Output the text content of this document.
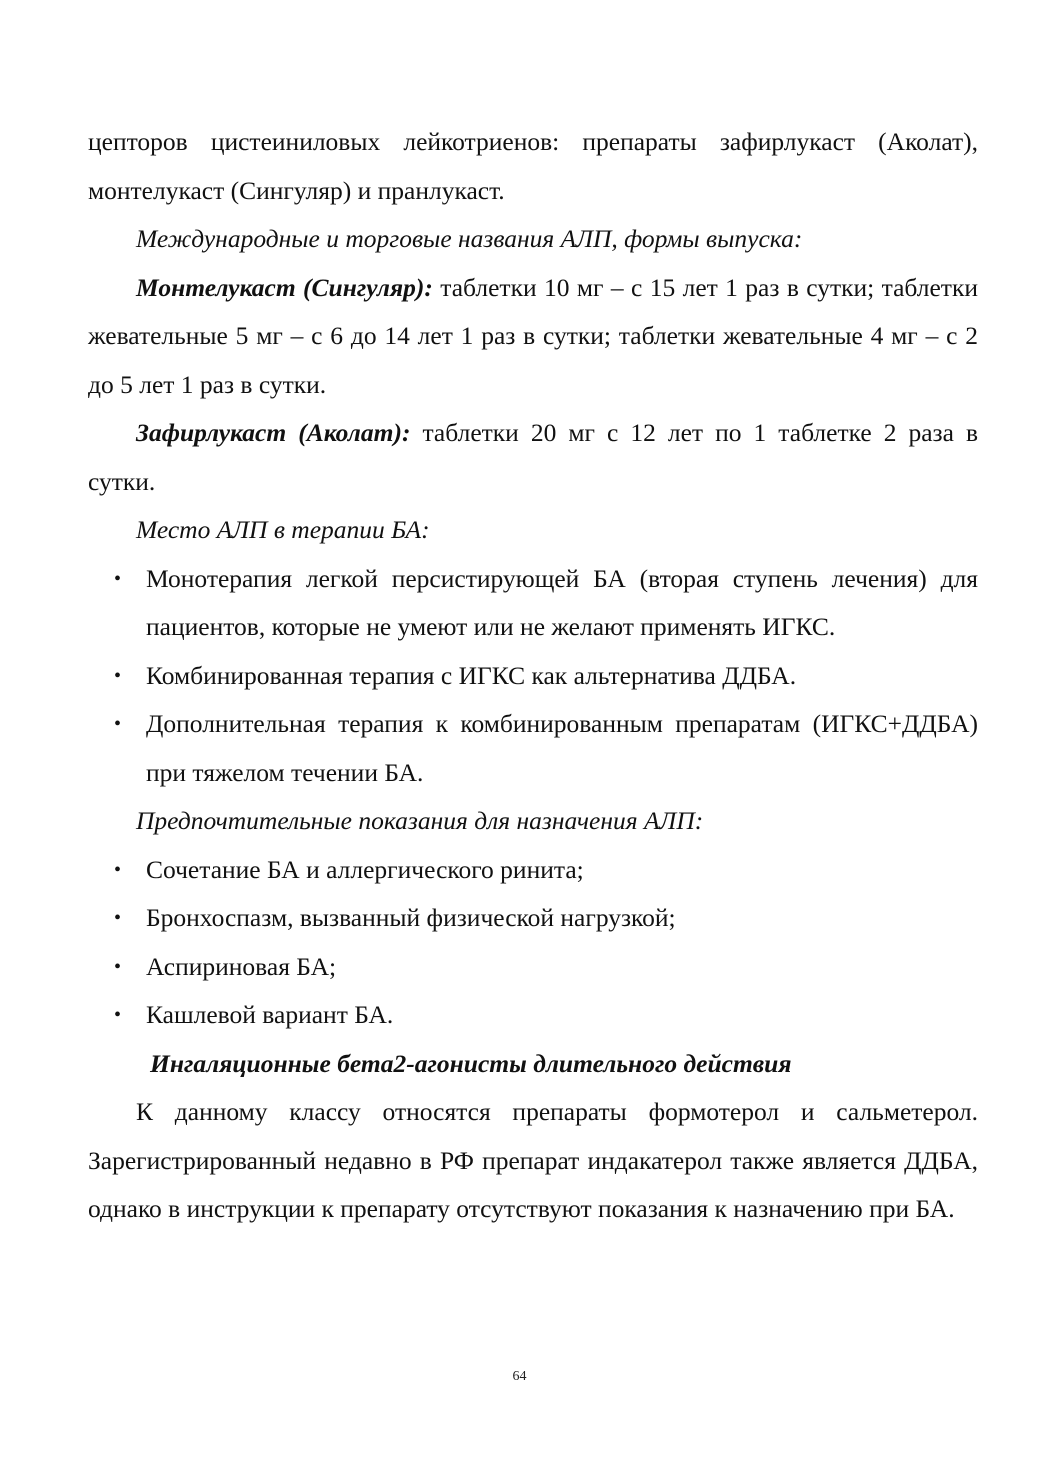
цепторов цистеиниловых лейкотриенов: препараты зафирлукаст (Аколат), монтелукаст (Сингуляр) и пранлукаст.

Международные и торговые названия АЛП, формы выпуска:

Монтелукаст (Сингуляр): таблетки 10 мг – с 15 лет 1 раз в сутки; таблетки жевательные 5 мг – с 6 до 14 лет 1 раз в сутки; таблетки жевательные 4 мг – с 2 до 5 лет 1 раз в сутки.

Зафирлукаст (Аколат): таблетки 20 мг с 12 лет по 1 таблетке 2 раза в сутки.

Место АЛП в терапии БА:

• Монотерапия легкой персистирующей БА (вторая ступень лечения) для пациентов, которые не умеют или не желают применять ИГКС.
• Комбинированная терапия с ИГКС как альтернатива ДДБА.
• Дополнительная терапия к комбинированным препаратам (ИГКС+ДДБА) при тяжелом течении БА.

Предпочтительные показания для назначения АЛП:

• Сочетание БА и аллергического ринита;
• Бронхоспазм, вызванный физической нагрузкой;
• Аспириновая БА;
• Кашлевой вариант БА.

Ингаляционные бета2-агонисты длительного действия

К данному классу относятся препараты формотерол и сальметерол. Зарегистрированный недавно в РФ препарат индакатерол также является ДДБА, однако в инструкции к препарату отсутствуют показания к назначению при БА.

64
